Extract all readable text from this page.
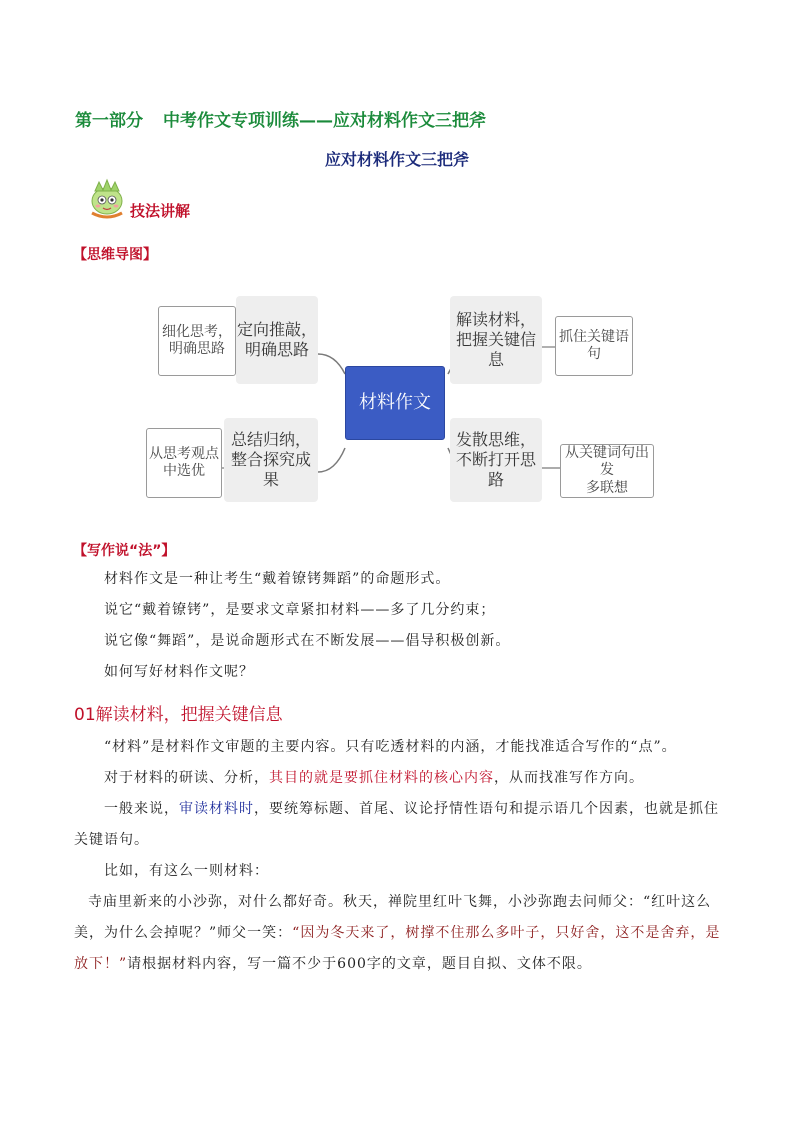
第一部分 中考作文专项训练——应对材料作文三把斧
应对材料作文三把斧
技法讲解
【思维导图】
细化思考，
明确思路
定向推敲，
明确思路
从思考观点
中选优
总结归纳，
整合探究成果
材料作文
解读材料，
把握关键信息
抓住关键语
句
发散思维，
不断打开思路
从关键词句出发
多联想
【写作说“法”】
材料作文是一种让考生“戴着镣铐舞蹈”的命题形式。
说它“戴着镣铐”，是要求文章紧扣材料——多了几分约束；
说它像“舞蹈”，是说命题形式在不断发展——倡导积极创新。
如何写好材料作文呢？
01解读材料，把握关键信息
“材料”是材料作文审题的主要内容。只有吃透材料的内涵，才能找准适合写作的“点”。
对于材料的研读、分析，其目的就是要抓住材料的核心内容，从而找准写作方向。
一般来说，审读材料时，要统筹标题、首尾、议论抒情性语句和提示语几个因素，也就是抓住关键语句。
比如，有这么一则材料：
寺庙里新来的小沙弥，对什么都好奇。秋天，禅院里红叶飞舞，小沙弥跑去问师父：“红叶这么美，为什么会掉呢？”师父一笑：“因为冬天来了，树撑不住那么多叶子，只好舍，这不是舍弃，是放下！”请根据材料内容，写一篇不少于600字的文章，题目自拟、文体不限。
